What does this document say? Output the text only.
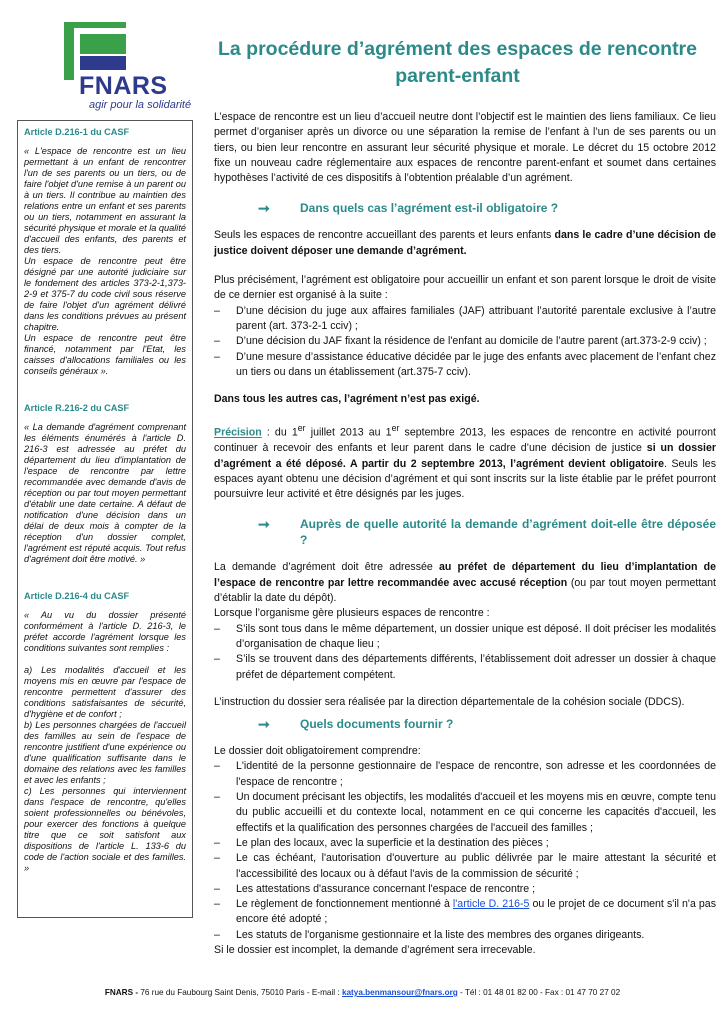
FNARS
agir pour la solidarité
La procédure d’agrément des espaces de rencontre
parent-enfant
Article D.216-1 du CASF
« L'espace de rencontre est un lieu permettant à un enfant de rencontrer l'un de ses parents ou un tiers, ou de faire l'objet d'une remise à un parent ou à un tiers. Il contribue au maintien des relations entre un enfant et ses parents ou un tiers, notamment en assurant la sécurité physique et morale et la qualité d'accueil des enfants, des parents et des tiers.
Un espace de rencontre peut être désigné par une autorité judiciaire sur le fondement des articles 373-2-1,373-2-9 et 375-7 du code civil sous réserve de faire l'objet d'un agrément délivré dans les conditions prévues au présent chapitre.
Un espace de rencontre peut être financé, notamment par l'Etat, les caisses d'allocations familiales ou les conseils généraux ».
Article R.216-2 du CASF
« La demande d'agrément comprenant les éléments énumérés à l'article D. 216-3 est adressée au préfet du département du lieu d'implantation de l'espace de rencontre par lettre recommandée avec demande d'avis de réception ou par tout moyen permettant d'établir une date certaine. A défaut de notification d'une décision dans un délai de deux mois à compter de la réception d'un dossier complet, l'agrément est réputé acquis. Tout refus d'agrément doit être motivé. »
Article D.216-4 du CASF
« Au vu du dossier présenté conformément à l'article D. 216-3, le préfet accorde l'agrément lorsque les conditions suivantes sont remplies :

a) Les modalités d'accueil et les moyens mis en œuvre par l'espace de rencontre permettent d'assurer des conditions satisfaisantes de sécurité, d'hygiène et de confort ;
b) Les personnes chargées de l'accueil des familles au sein de l'espace de rencontre justifient d'une expérience ou d'une qualification suffisante dans le domaine des relations avec les familles et avec les enfants ;
c) Les personnes qui interviennent dans l'espace de rencontre, qu'elles soient professionnelles ou bénévoles, pour exercer des fonctions à quelque titre que ce soit satisfont aux dispositions de l'article L. 133-6 du code de l'action sociale et des familles. »

L’espace de rencontre est un lieu d’accueil neutre dont l’objectif est le maintien des liens familiaux. Ce lieu permet d’organiser après un divorce ou une séparation la remise de l’enfant à l’un de ses parents ou un tiers, ou bien leur rencontre en assurant leur sécurité physique et morale. Le décret du 15 octobre 2012 fixe un nouveau cadre réglementaire aux espaces de rencontre parent-enfant et soumet dans certaines hypothèses l’activité de ces dispositifs à l’obtention préalable d’un agrément.

➞	Dans quels cas l’agrément est-il obligatoire ?

Seuls les espaces de rencontre accueillant des parents et leurs enfants dans le cadre d’une décision de justice doivent déposer une demande d’agrément.

Plus précisément, l’agrément est obligatoire pour accueillir un enfant et son parent lorsque le droit de visite de ce dernier est organisé à la suite :

– D’une décision du juge aux affaires familiales (JAF) attribuant l’autorité parentale exclusive à l’autre parent (art. 373-2-1 cciv) ;
– D’une décision du JAF fixant la résidence de l'enfant au domicile de l’autre parent (art.373-2-9 cciv) ;
– D’une mesure d’assistance éducative décidée par le juge des enfants avec placement de l’enfant chez un tiers ou dans un établissement (art.375-7 cciv).

Dans tous les autres cas, l’agrément n’est pas exigé.

Précision : du 1er juillet 2013 au 1er septembre 2013, les espaces de rencontre en activité pourront continuer à recevoir des enfants et leur parent dans le cadre d’une décision de justice si un dossier d’agrément a été déposé. A partir du 2 septembre 2013, l’agrément devient obligatoire. Seuls les espaces ayant obtenu une décision d’agrément et qui sont inscrits sur la liste établie par le préfet pourront poursuivre leur activité et être désignés par les juges.

➞	Auprès de quelle autorité la demande d’agrément doit-elle être déposée ?

La demande d’agrément doit être adressée au préfet de département du lieu d’implantation de l’espace de rencontre par lettre recommandée avec accusé réception (ou par tout moyen permettant d’établir la date du dépôt).

Lorsque l’organisme gère plusieurs espaces de rencontre :

– S’ils sont tous dans le même département, un dossier unique est déposé. Il doit préciser les modalités d’organisation de chaque lieu ;
– S’ils se trouvent dans des départements différents, l’établissement doit adresser un dossier à chaque préfet de département compétent.

L’instruction du dossier sera réalisée par la direction départementale de la cohésion sociale (DDCS).

➞	Quels documents fournir ?

Le dossier doit obligatoirement comprendre:

– L'identité de la personne gestionnaire de l'espace de rencontre, son adresse et les coordonnées de l'espace de rencontre ;
– Un document précisant les objectifs, les modalités d'accueil et les moyens mis en œuvre, compte tenu du public accueilli et du contexte local, notamment en ce qui concerne les capacités d'accueil, les effectifs et la qualification des personnes chargées de l'accueil des familles ;
– Le plan des locaux, avec la superficie et la destination des pièces ;
– Le cas échéant, l'autorisation d'ouverture au public délivrée par le maire attestant la sécurité et l'accessibilité des locaux ou à défaut l'avis de la commission de sécurité ;
– Les attestations d'assurance concernant l'espace de rencontre ;
– Le règlement de fonctionnement mentionné à l'article D. 216-5 ou le projet de ce document s'il n'a pas encore été adopté ;
– Les statuts de l'organisme gestionnaire et la liste des membres des organes dirigeants.

Si le dossier est incomplet, la demande d’agrément sera irrecevable.

FNARS - 76 rue du Faubourg Saint Denis, 75010 Paris - E-mail : katya.benmansour@fnars.org - Tél : 01 48 01 82 00 - Fax : 01 47 70 27 02
